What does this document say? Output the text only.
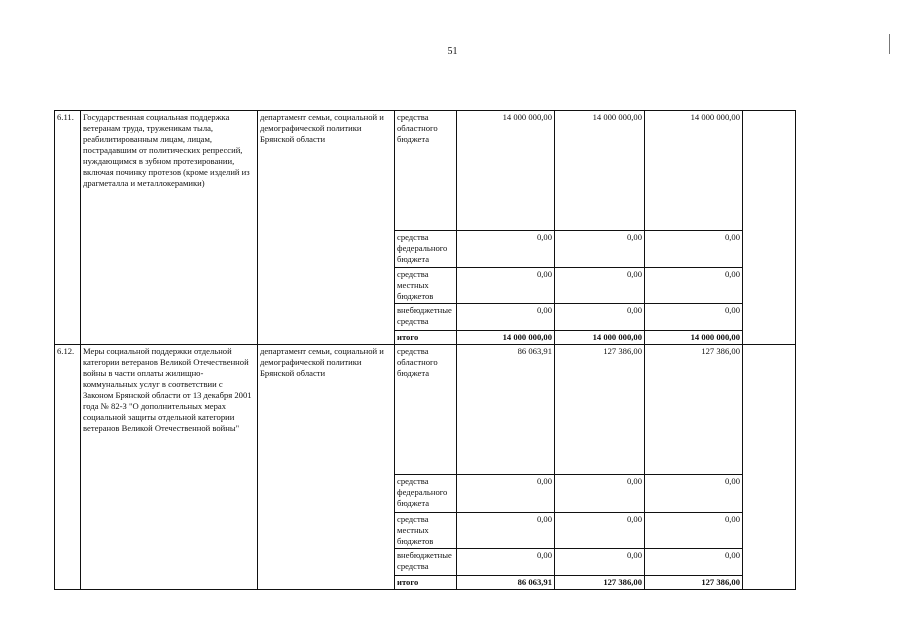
51
6.11.	Государственная социальная поддержка ветеранам труда, труженикам тыла, реабилитированным лицам, лицам, пострадавшим от политических репрессий, нуждающимся в зубном протезировании, включая починку протезов (кроме изделий из драгметалла и металлокерамики)	департамент семьи, социальной и демографической политики Брянской области	средства областного бюджета	14 000 000,00	14 000 000,00	14 000 000,00	
			средства федерального бюджета	0,00	0,00	0,00	
			средства местных бюджетов	0,00	0,00	0,00	
			внебюджетные средства	0,00	0,00	0,00	
			итого	14 000 000,00	14 000 000,00	14 000 000,00	
6.12.	Меры социальной поддержки отдельной категории ветеранов Великой Отечественной войны в части оплаты жилищно-коммунальных услуг в соответствии с Законом Брянской области от 13 декабря 2001 года № 82-З "О дополнительных мерах социальной защиты отдельной категории ветеранов Великой Отечественной войны"	департамент семьи, социальной и демографической политики Брянской области	средства областного бюджета	86 063,91	127 386,00	127 386,00	
			средства федерального бюджета	0,00	0,00	0,00	
			средства местных бюджетов	0,00	0,00	0,00	
			внебюджетные средства	0,00	0,00	0,00	
			итого	86 063,91	127 386,00	127 386,00	
